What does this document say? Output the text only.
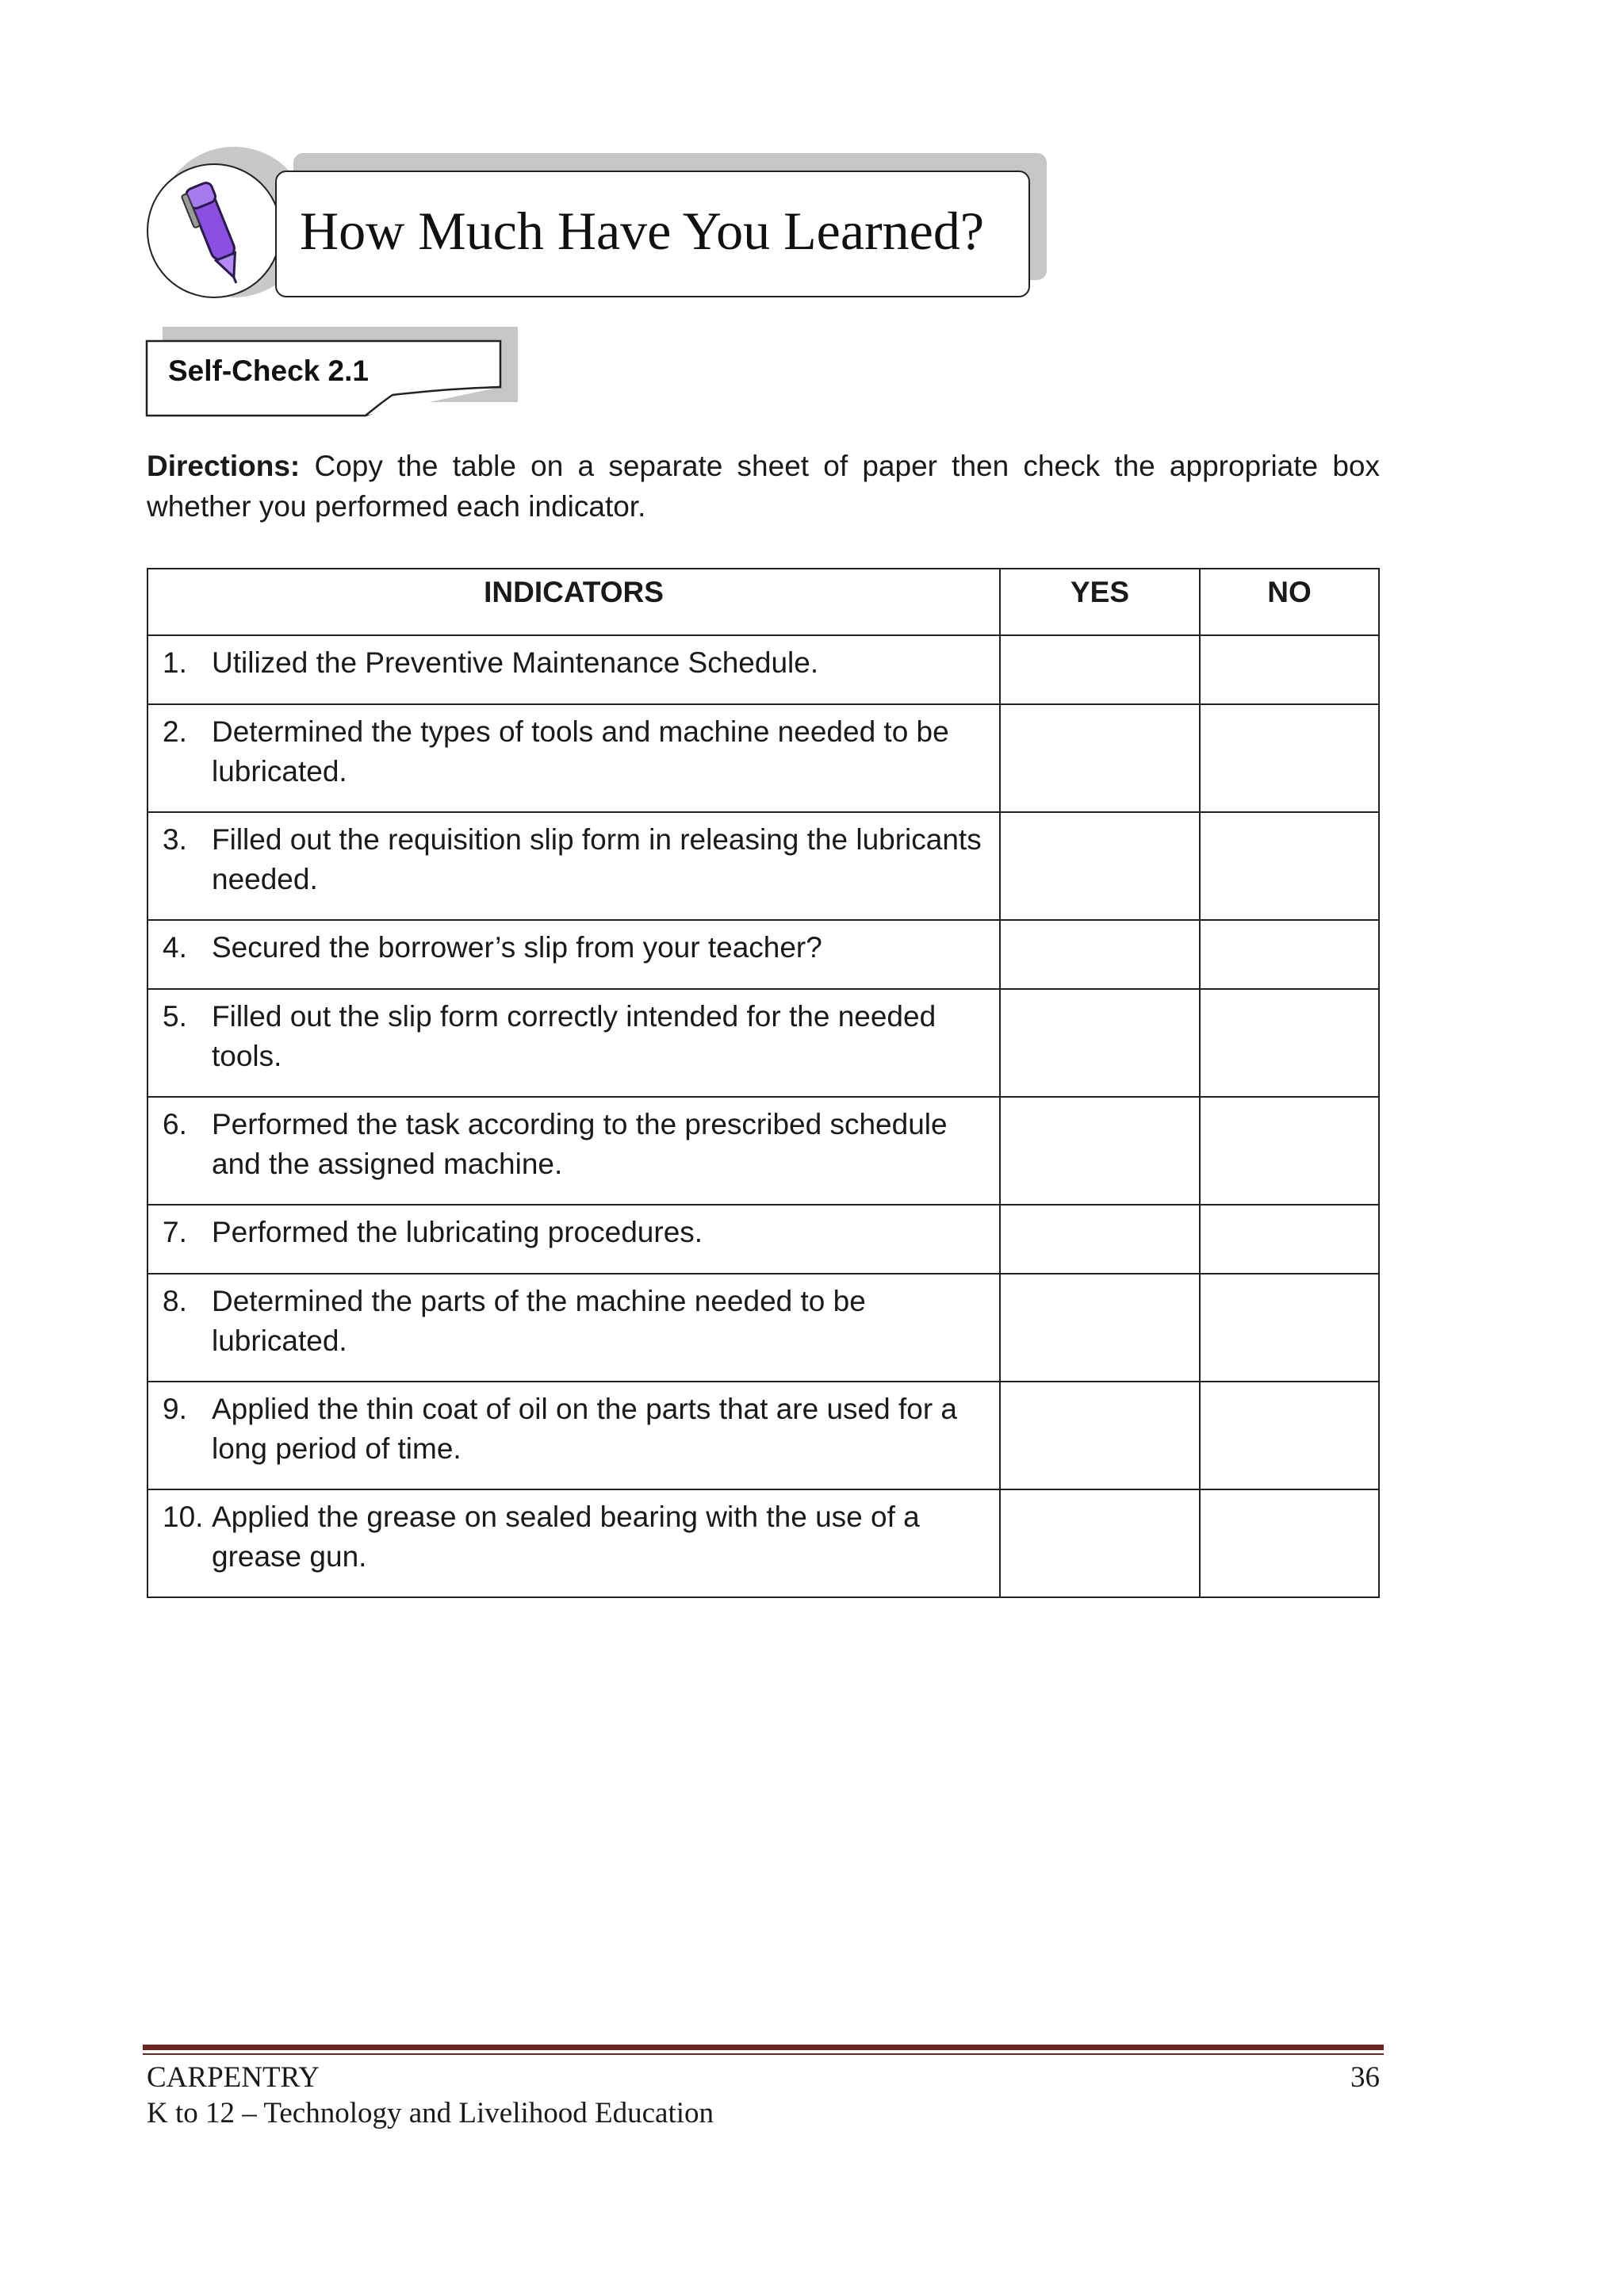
How Much Have You Learned?
Self-Check 2.1
Directions: Copy the table on a separate sheet of paper then check the appropriate box whether you performed each indicator.
INDICATORS	YES	NO

1. Utilized the Preventive Maintenance Schedule.		

2. Determined the types of tools and machine needed to be lubricated.		

3. Filled out the requisition slip form in releasing the lubricants needed.		

4. Secured the borrower’s slip from your teacher?		

5. Filled out the slip form correctly intended for the needed tools.		

6. Performed the task according to the prescribed schedule and the assigned machine.		

7. Performed the lubricating procedures.		

8. Determined the parts of the machine needed to be lubricated.		

9. Applied the thin coat of oil on the parts that are used for a long period of time.		

10. Applied the grease on sealed bearing with the use of a grease gun.		

CARPENTRY	36
K to 12 – Technology and Livelihood Education
